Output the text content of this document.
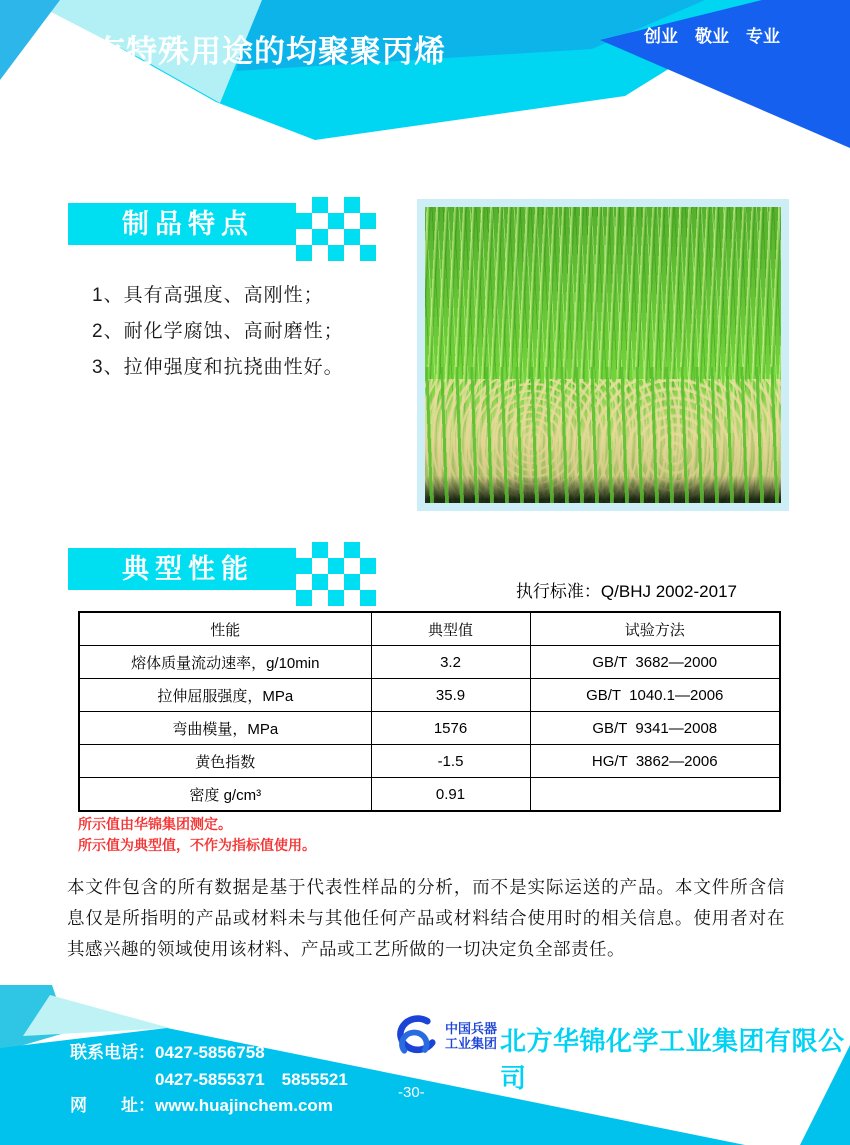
具有特殊用途的均聚聚丙烯	创业　敬业　专业
制品特点
1、具有高强度、高刚性；
2、耐化学腐蚀、高耐磨性；
3、拉伸强度和抗挠曲性好。
典型性能
执行标准：Q/BHJ 2002-2017
性能	典型值	试验方法
熔体质量流动速率，g/10min	3.2	GB/T  3682—2000
拉伸屈服强度，MPa	35.9	GB/T  1040.1—2006
弯曲模量，MPa	1576	GB/T  9341—2008
黄色指数	-1.5	HG/T  3862—2006
密度 g/cm³	0.91	

所示值由华锦集团测定。

所示值为典型值，不作为指标值使用。

本文件包含的所有数据是基于代表性样品的分析，而不是实际运送的产品。本文件所含信息仅是所指明的产品或材料未与其他任何产品或材料结合使用时的相关信息。使用者对在其感兴趣的领域使用该材料、产品或工艺所做的一切决定负全部责任。
中国兵器
工业集团 北方华锦化学工业集团有限公司
联系电话：0427-5856758
0427-5855371　5855521
网　　址：www.huajinchem.com
-30-
